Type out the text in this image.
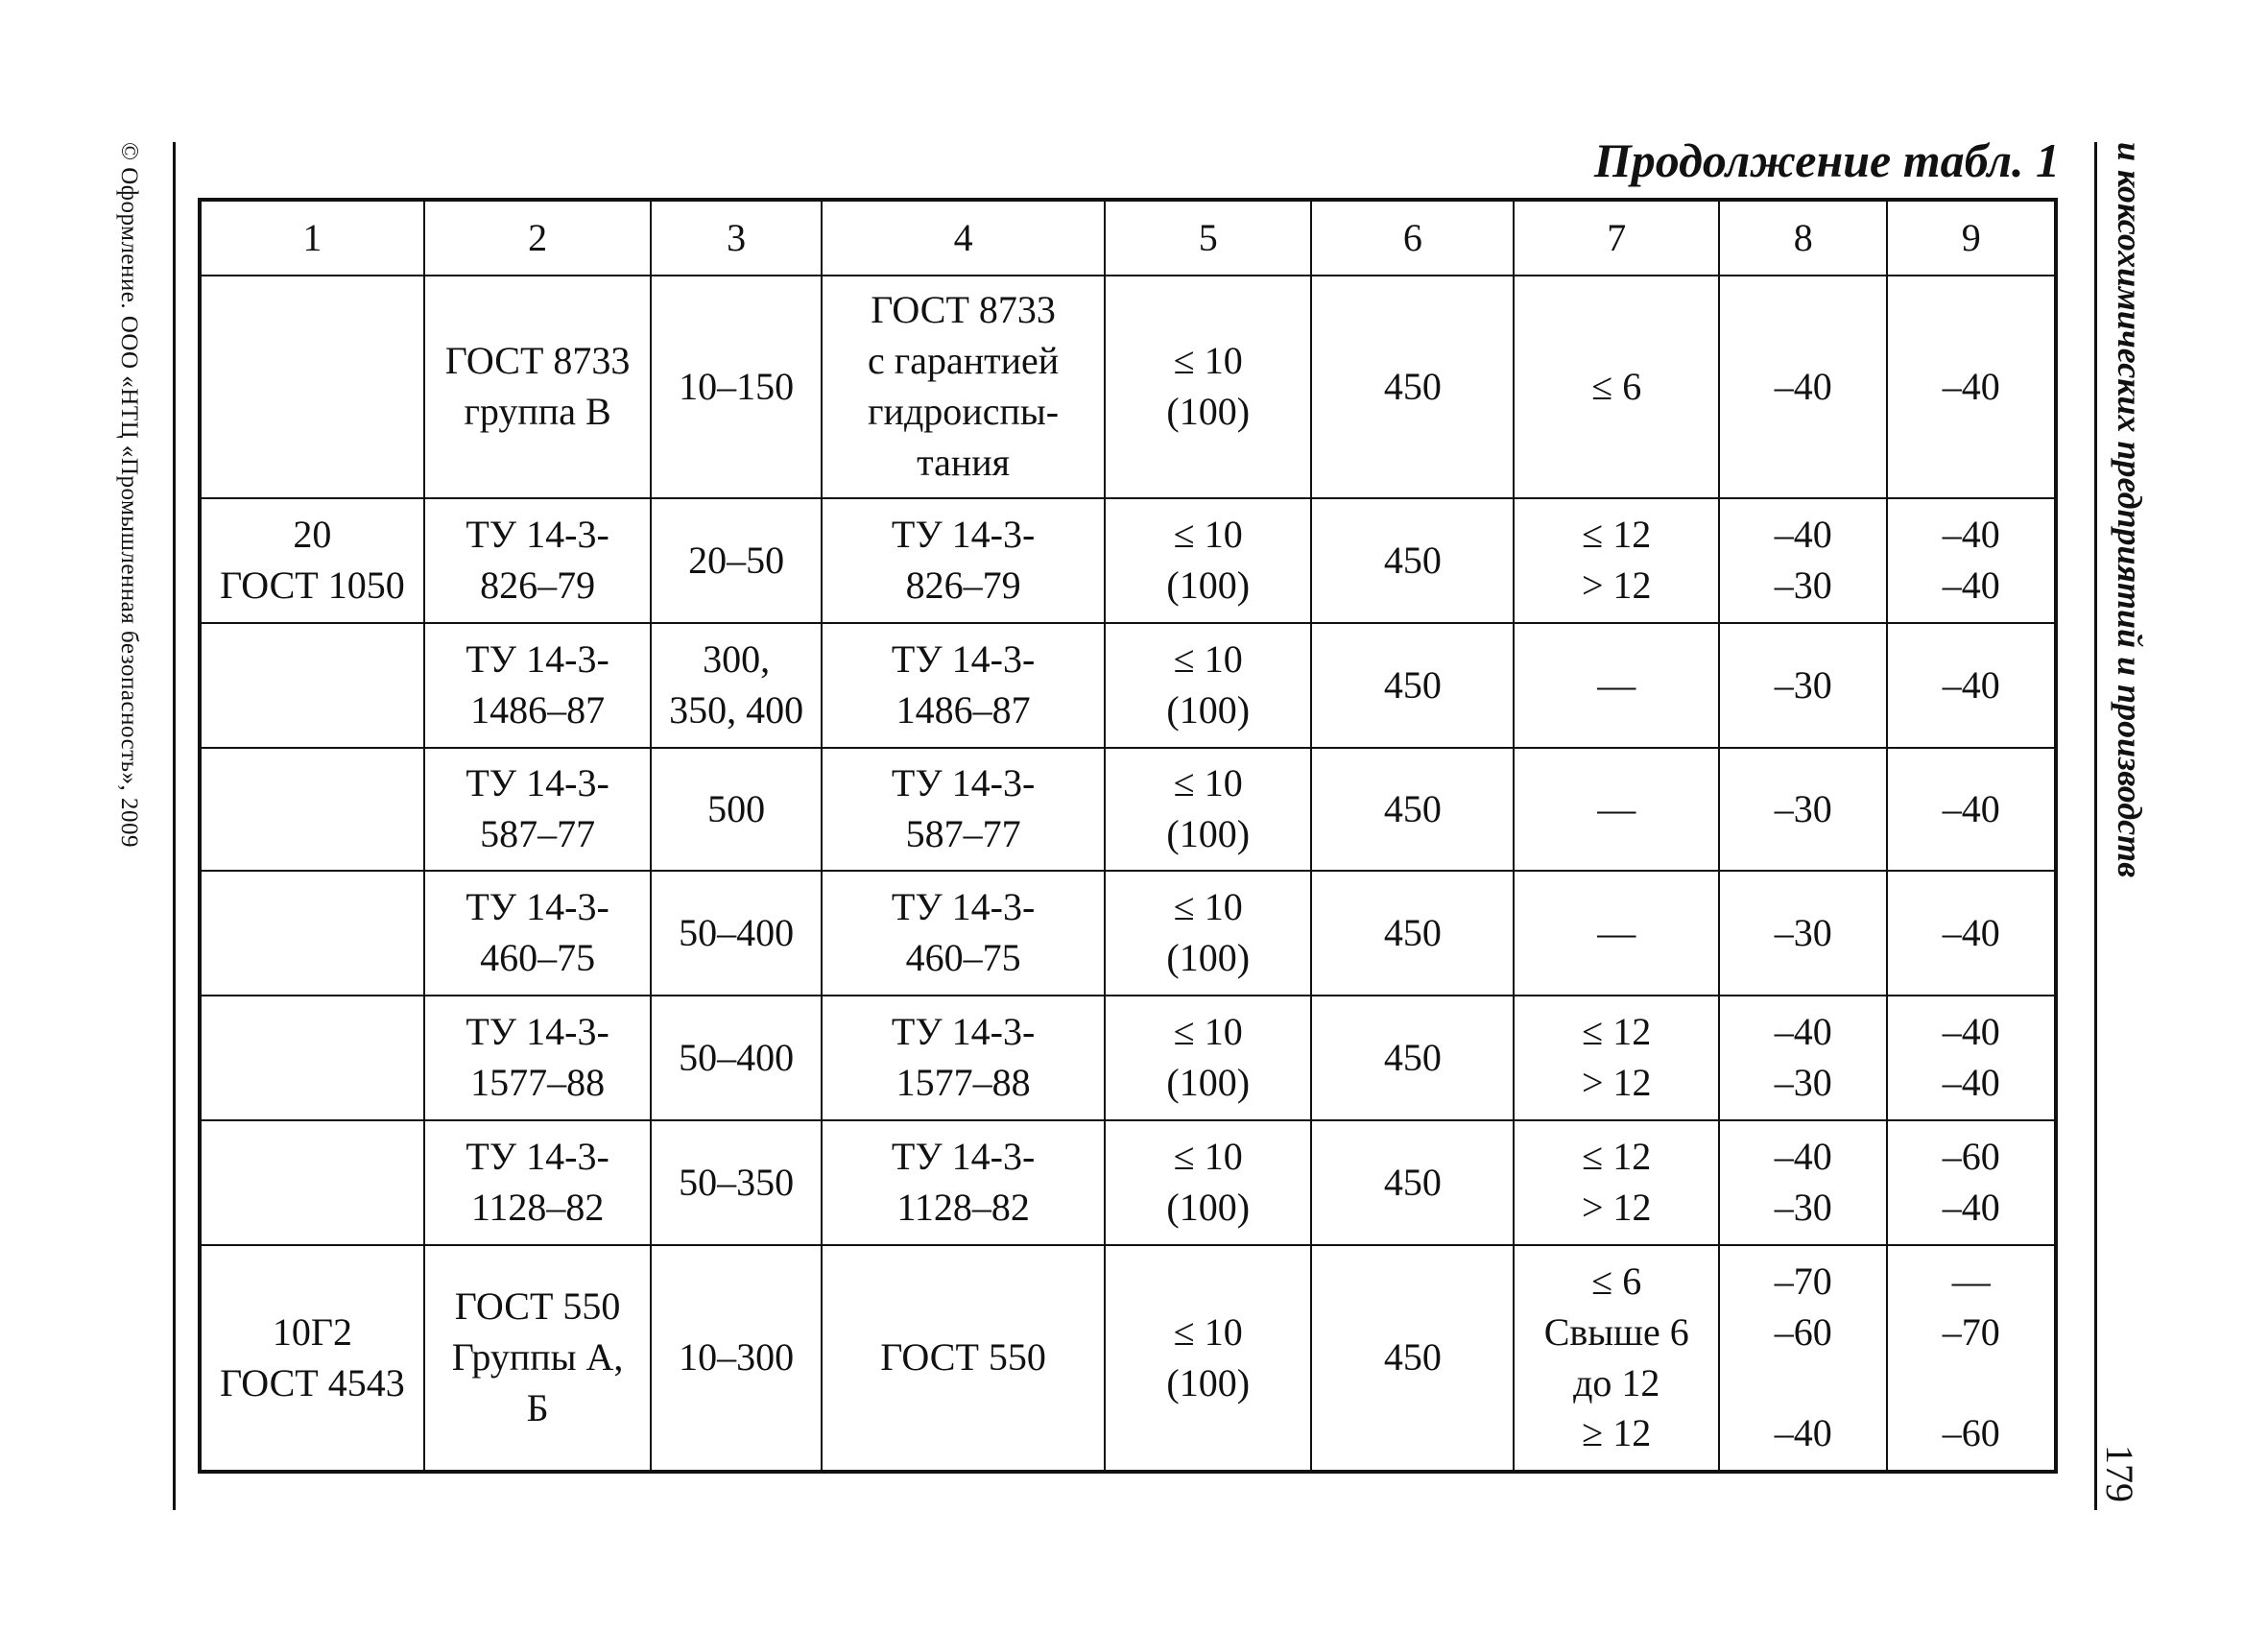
© Оформление. ООО «НТЦ «Промышленная безопасность», 2009	и коксохимических предприятий и производств
179
Продолжение табл. 1
1	2	3	4	5	6	7	8	9

	ГОСТ 8733
группа В	10–150	ГОСТ 8733
с гарантией
гидроиспы-
тания	≤ 10
(100)	450	≤ 6	–40	–40

20
ГОСТ 1050	ТУ 14-3-
826–79	20–50	ТУ 14-3-
826–79	≤ 10
(100)	450	≤ 12
> 12	–40
–30	–40
–40

	ТУ 14-3-
1486–87	300,
350, 400	ТУ 14-3-
1486–87	≤ 10
(100)	450	—	–30	–40

	ТУ 14-3-
587–77	500	ТУ 14-3-
587–77	≤ 10
(100)	450	—	–30	–40

	ТУ 14-3-
460–75	50–400	ТУ 14-3-
460–75	≤ 10
(100)	450	—	–30	–40

	ТУ 14-3-
1577–88	50–400	ТУ 14-3-
1577–88	≤ 10
(100)	450	≤ 12
> 12	–40
–30	–40
–40

	ТУ 14-3-
1128–82	50–350	ТУ 14-3-
1128–82	≤ 10
(100)	450	≤ 12
> 12	–40
–30	–60
–40

10Г2
ГОСТ 4543	ГОСТ 550
Группы А,
Б	10–300	ГОСТ 550	≤ 10
(100)	450	≤ 6
Свыше 6
до 12
≥ 12	–70
–60
–40	—
–70
–60
